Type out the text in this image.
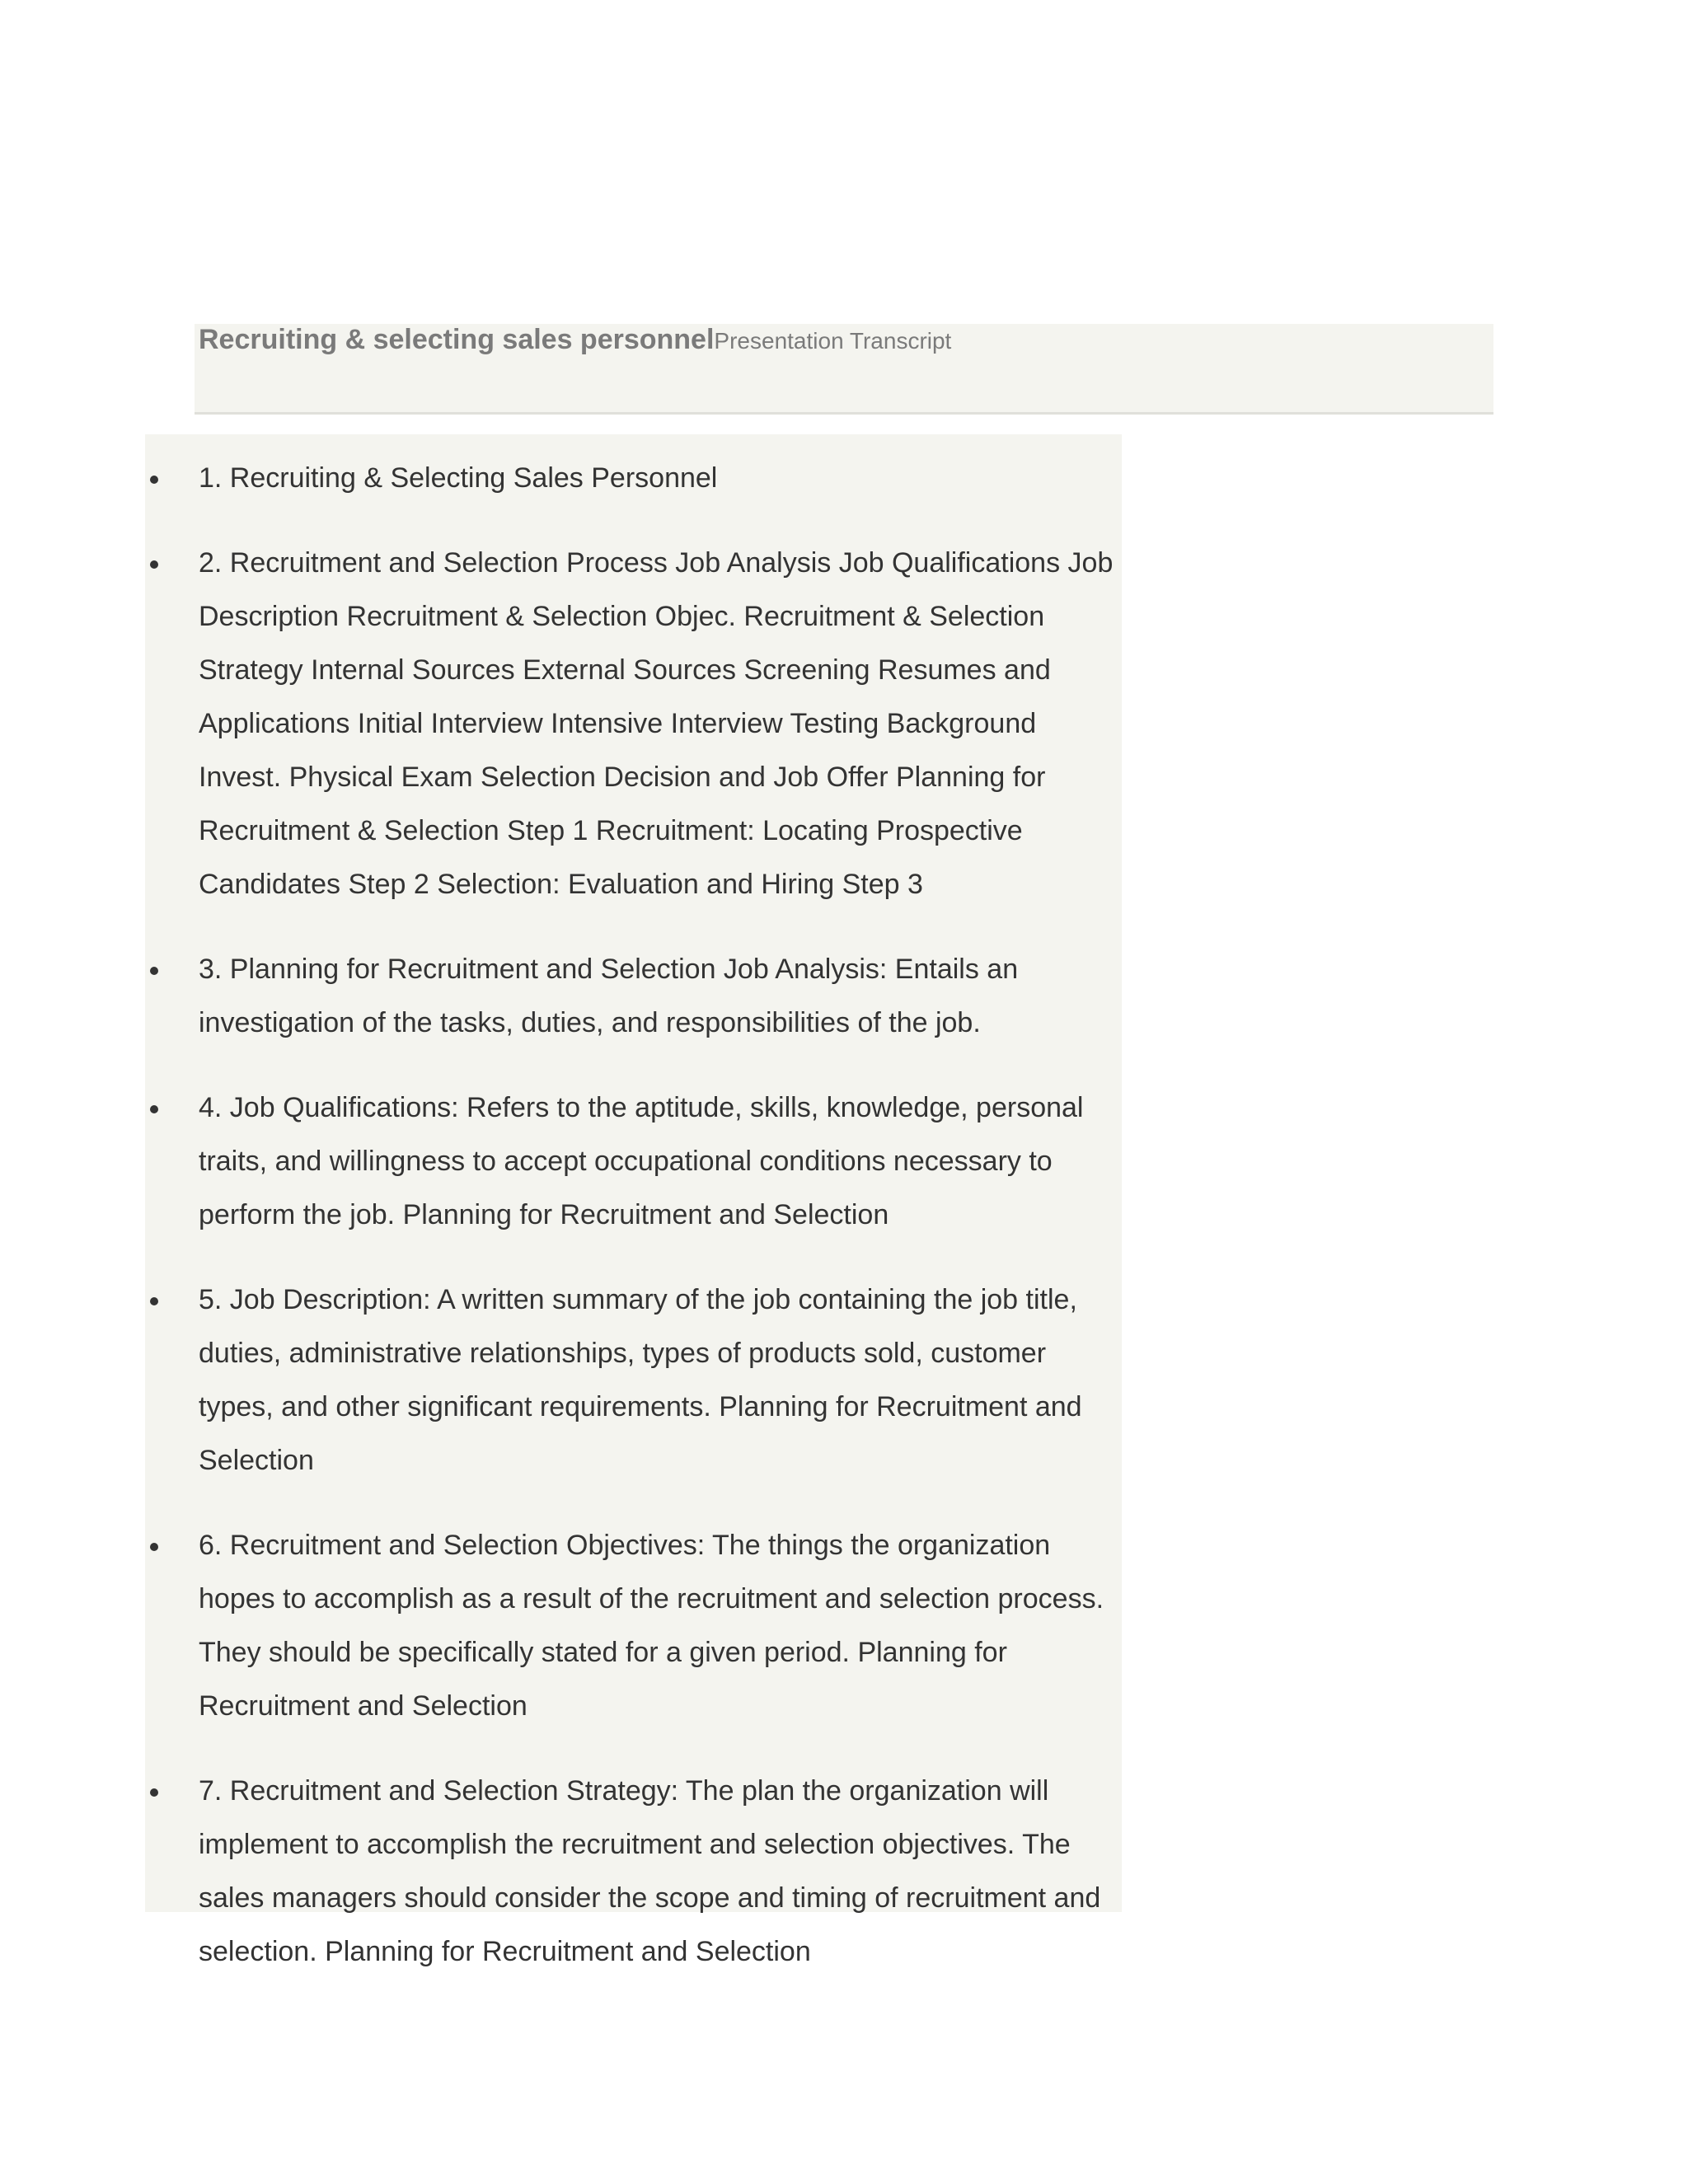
Recruiting & selecting sales personnelPresentation Transcript
1. Recruiting & Selecting Sales Personnel
2. Recruitment and Selection Process Job Analysis Job Qualifications Job Description Recruitment & Selection Objec. Recruitment & Selection Strategy Internal Sources External Sources Screening Resumes and Applications Initial Interview Intensive Interview Testing Background Invest. Physical Exam Selection Decision and Job Offer Planning for Recruitment & Selection Step 1 Recruitment: Locating Prospective Candidates Step 2 Selection: Evaluation and Hiring Step 3
3. Planning for Recruitment and Selection Job Analysis: Entails an investigation of the tasks, duties, and responsibilities of the job.
4. Job Qualifications: Refers to the aptitude, skills, knowledge, personal traits, and willingness to accept occupational conditions necessary to perform the job. Planning for Recruitment and Selection
5. Job Description: A written summary of the job containing the job title, duties, administrative relationships, types of products sold, customer types, and other significant requirements. Planning for Recruitment and Selection
6. Recruitment and Selection Objectives: The things the organization hopes to accomplish as a result of the recruitment and selection process. They should be specifically stated for a given period. Planning for Recruitment and Selection
7. Recruitment and Selection Strategy: The plan the organization will implement to accomplish the recruitment and selection objectives. The sales managers should consider the scope and timing of recruitment and selection. Planning for Recruitment and Selection
